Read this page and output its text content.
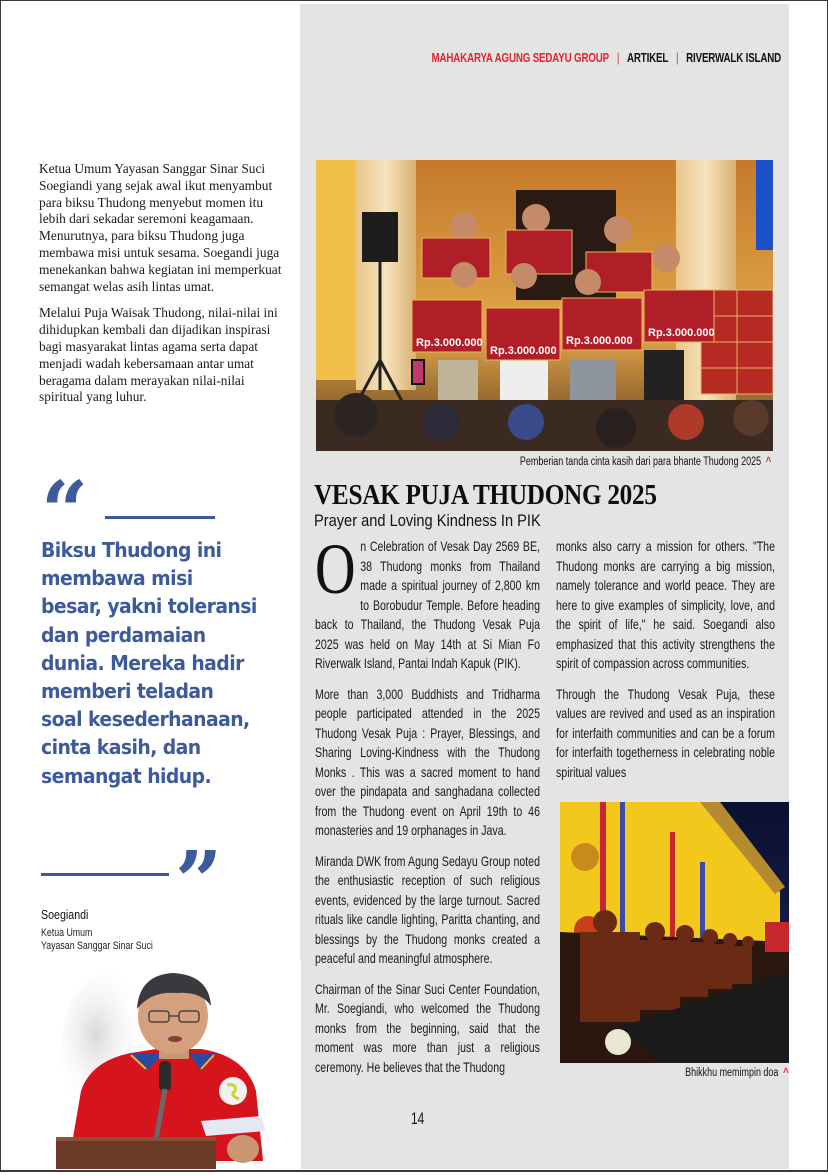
MAHAKARYA AGUNG SEDAYU GROUP | ARTIKEL | RIVERWALK ISLAND

Ketua Umum Yayasan Sanggar Sinar Suci Soegiandi yang sejak awal ikut menyambut para biksu Thudong menyebut momen itu lebih dari sekadar seremoni keagamaan. Menurutnya, para biksu Thudong juga membawa misi untuk sesama. Soegandi juga menekankan bahwa kegiatan ini memperkuat semangat welas asih lintas umat.

Melalui Puja Waisak Thudong, nilai-nilai ini dihidupkan kembali dan dijadikan inspirasi bagi masyarakat lintas agama serta dapat menjadi wadah kebersamaan antar umat beragama dalam merayakan nilai-nilai spiritual yang luhur.

“
Biksu Thudong ini membawa misi besar, yakni toleransi dan perdamaian dunia. Mereka hadir memberi teladan soal kesederhanaan, cinta kasih, dan semangat hidup.
”
Soegiandi
Ketua Umum
Yayasan Sanggar Sinar Suci
Rp.3.000.000
Rp.3.000.000
Rp.3.000.000
Rp.3.000.000
Pemberian tanda cinta kasih dari para bhante Thudong 2025 ^
VESAK PUJA THUDONG 2025
Prayer and Loving Kindness In PIK

On Celebration of Vesak Day 2569 BE, 38 Thudong monks from Thailand made a spiritual journey of 2,800 km to Borobudur Temple. Before heading back to Thailand, the Thudong Vesak Puja 2025 was held on May 14th at Si Mian Fo Riverwalk Island, Pantai Indah Kapuk (PIK).

More than 3,000 Buddhists and Tridharma people participated attended in the 2025 Thudong Vesak Puja : Prayer, Blessings, and Sharing Loving-Kindness with the Thudong Monks . This was a sacred moment to hand over the pindapata and sanghadana collected from the Thudong event on April 19th to 46 monasteries and 19 orphanages in Java.

Miranda DWK from Agung Sedayu Group noted the enthusiastic reception of such religious events, evidenced by the large turnout. Sacred rituals like candle lighting, Paritta chanting, and blessings by the Thudong monks created a peaceful and meaningful atmosphere.

Chairman of the Sinar Suci Center Foundation, Mr. Soegiandi, who welcomed the Thudong monks from the beginning, said that the moment was more than just a religious ceremony. He believes that the Thudong

monks also carry a mission for others. "The Thudong monks are carrying a big mission, namely tolerance and world peace. They are here to give examples of simplicity, love, and the spirit of life," he said. Soegandi also emphasized that this activity strengthens the spirit of compassion across communities.

Through the Thudong Vesak Puja, these values are revived and used as an inspiration for interfaith communities and can be a forum for interfaith togetherness in celebrating noble spiritual values

Bhikkhu memimpin doa ^
14
